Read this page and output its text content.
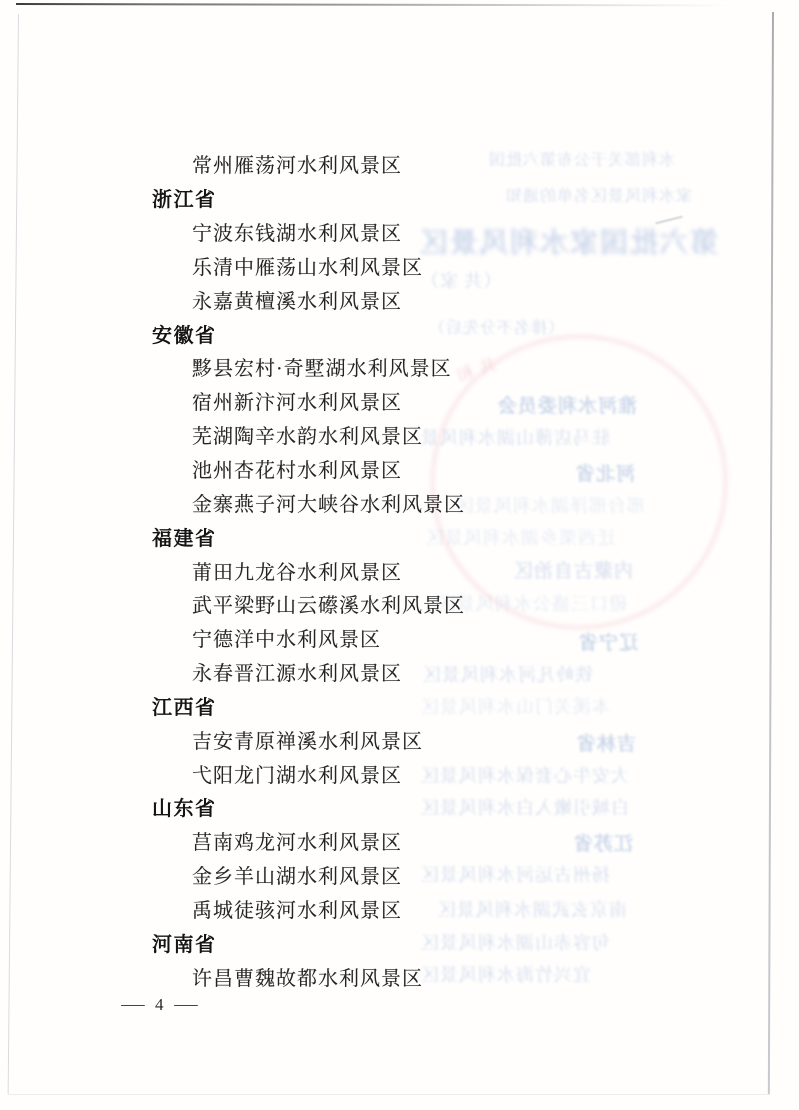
共 和
水利部关于公布第六批国
家水利风景区名单的通知
第六批国家水利风景区
（共 家）
（排名不分先后）
淮河水利委员会
驻马店薄山湖水利风景
河北省
邢台邢泽湖水利风景区
迁西栗乡湖水利风景区
内蒙古自治区
磴口三盛公水利风景区
辽宁省
铁岭凡河水利风景区
本溪关门山水利风景区
吉林省
大安牛心套保水利风景区
白城引嫩入白水利风景区
江苏省
扬州古运河水利风景区
南京玄武湖水利风景区
句容赤山湖水利风景区
宜兴竹海水利风景区
常州雁荡河水利风景区
浙江省
宁波东钱湖水利风景区
乐清中雁荡山水利风景区
永嘉黄檀溪水利风景区
安徽省
黟县宏村·奇墅湖水利风景区
宿州新汴河水利风景区
芜湖陶辛水韵水利风景区
池州杏花村水利风景区
金寨燕子河大峡谷水利风景区
福建省
莆田九龙谷水利风景区
武平梁野山云礤溪水利风景区
宁德洋中水利风景区
永春晋江源水利风景区
江西省
吉安青原禅溪水利风景区
弋阳龙门湖水利风景区
山东省
莒南鸡龙河水利风景区
金乡羊山湖水利风景区
禹城徒骇河水利风景区
河南省
许昌曹魏故都水利风景区
— 4 —
